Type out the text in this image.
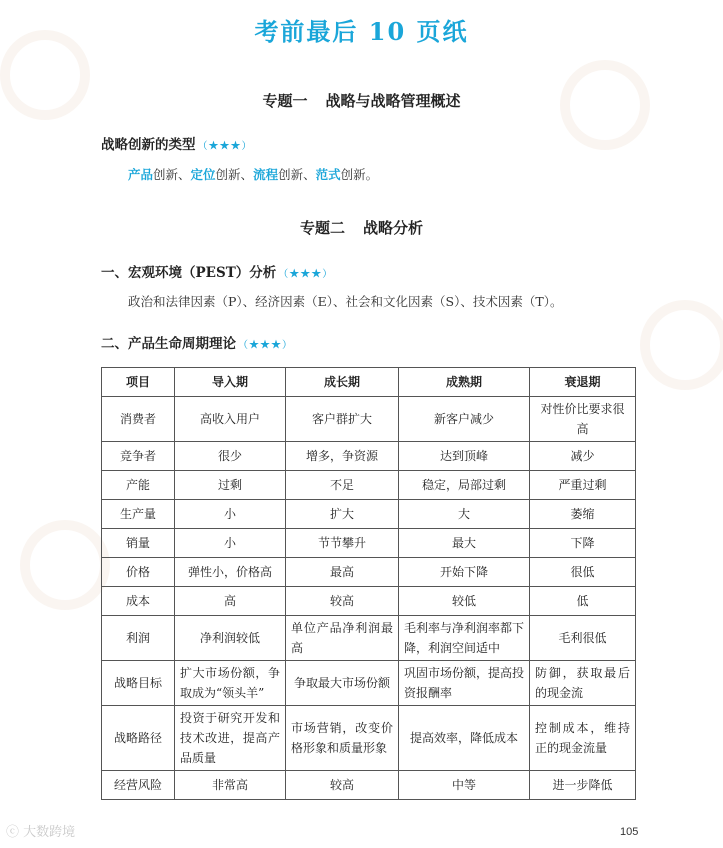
考前最后 10 页纸
专题一 战略与战略管理概述
战略创新的类型 （★★★）
产品创新、定位创新、流程创新、范式创新。
专题二 战略分析
一、宏观环境（PEST）分析 （★★★）
政治和法律因素（P）、经济因素（E）、社会和文化因素（S）、技术因素（T）。
二、产品生命周期理论 （★★★）
项目	导入期	成长期	成熟期	衰退期
消费者	高收入用户	客户群扩大	新客户减少	对性价比要求很高
竞争者	很少	增多，争资源	达到顶峰	减少
产能	过剩	不足	稳定，局部过剩	严重过剩
生产量	小	扩大	大	萎缩
销量	小	节节攀升	最大	下降
价格	弹性小，价格高	最高	开始下降	很低
成本	高	较高	较低	低
利润	净利润较低	单位产品净利润最高	毛利率与净利润率都下降，利润空间适中	毛利很低
战略目标	扩大市场份额，争取成为“领头羊”	争取最大市场份额	巩固市场份额，提高投资报酬率	防御，获取最后的现金流
战略路径	投资于研究开发和技术改进，提高产品质量	市场营销，改变价格形象和质量形象	提高效率，降低成本	控制成本，维持正的现金流量
经营风险	非常高	较高	中等	进一步降低
ⓒ 大数跨境	105
